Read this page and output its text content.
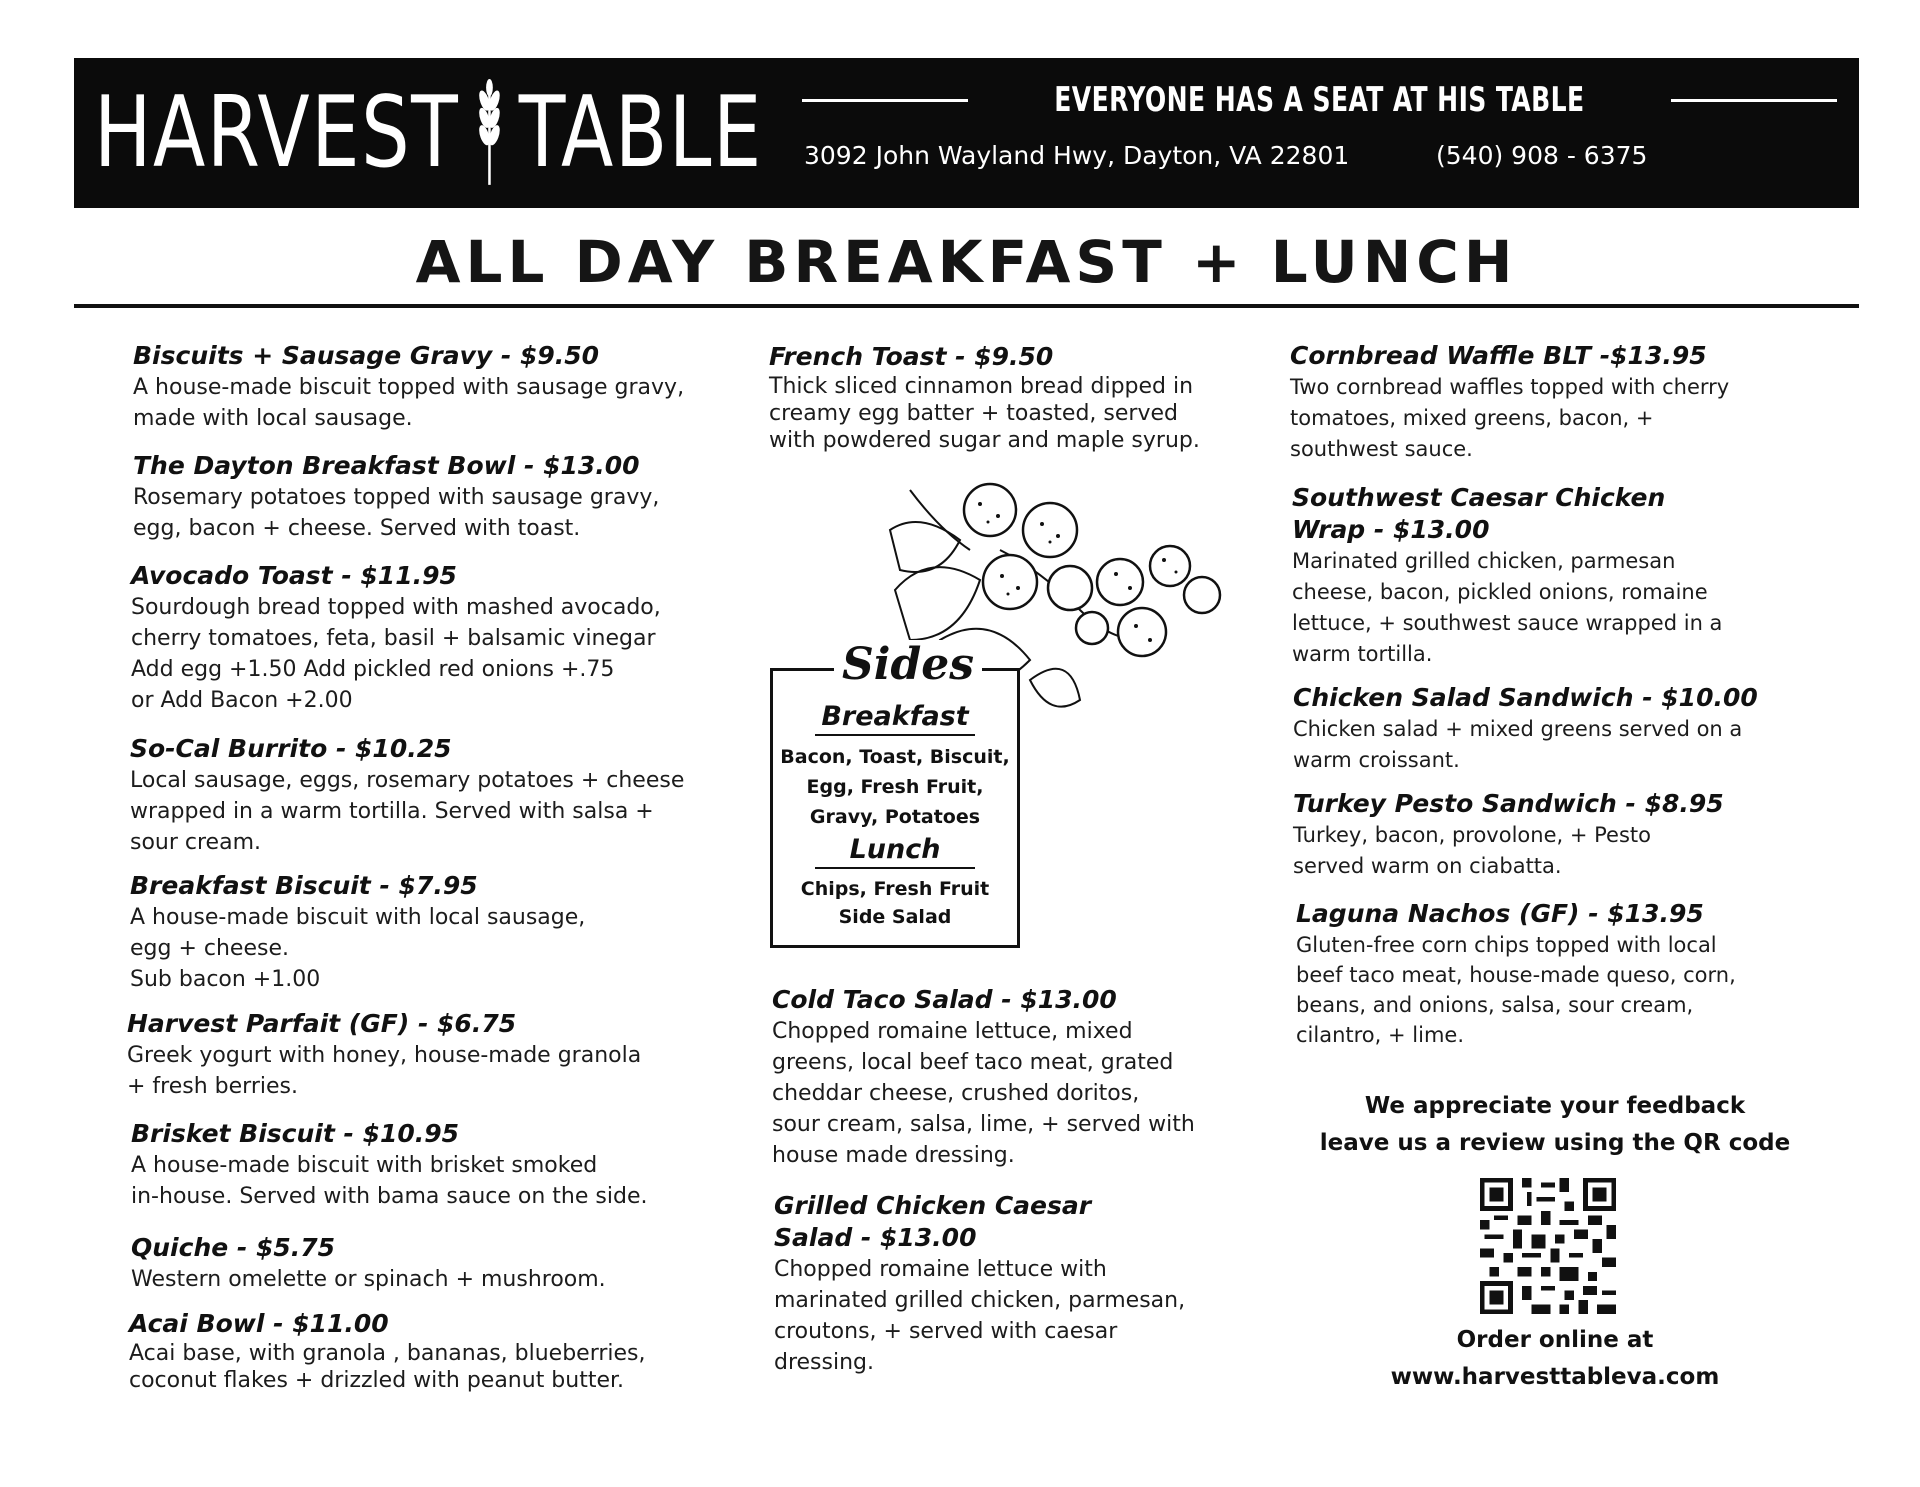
HARVEST TABLE	EVERYONE HAS A SEAT AT HIS TABLE
3092 John Wayland Hwy, Dayton, VA 22801	(540) 908 - 6375
ALL DAY BREAKFAST + LUNCH
Biscuits + Sausage Gravy - $9.50
A house-made biscuit topped with sausage gravy,
made with local sausage.
The Dayton Breakfast Bowl - $13.00
Rosemary potatoes topped with sausage gravy,
egg, bacon + cheese. Served with toast.
Avocado Toast - $11.95
Sourdough bread topped with mashed avocado,
cherry tomatoes, feta, basil + balsamic vinegar
Add egg +1.50 Add pickled red onions +.75
or Add Bacon +2.00
So-Cal Burrito - $10.25
Local sausage, eggs, rosemary potatoes + cheese
wrapped in a warm tortilla. Served with salsa +
sour cream.
Breakfast Biscuit - $7.95
A house-made biscuit with local sausage,
egg + cheese.
Sub bacon +1.00
Harvest Parfait (GF) - $6.75
Greek yogurt with honey, house-made granola
+ fresh berries.
Brisket Biscuit - $10.95
A house-made biscuit with brisket smoked
in-house. Served with bama sauce on the side.
Quiche - $5.75
Western omelette or spinach + mushroom.
Acai Bowl - $11.00
Acai base, with granola , bananas, blueberries,
coconut flakes + drizzled with peanut butter.
French Toast - $9.50
Thick sliced cinnamon bread dipped in
creamy egg batter + toasted, served
with powdered sugar and maple syrup.
Breakfast
Bacon, Toast, Biscuit,
Egg, Fresh Fruit,
Gravy, Potatoes
Lunch
Chips, Fresh Fruit
Side Salad
Sides
Cold Taco Salad - $13.00
Chopped romaine lettuce, mixed
greens, local beef taco meat, grated
cheddar cheese, crushed doritos,
sour cream, salsa, lime, + served with
house made dressing.
Grilled Chicken Caesar
Salad - $13.00
Chopped romaine lettuce with
marinated grilled chicken, parmesan,
croutons, + served with caesar
dressing.
Cornbread Waffle BLT -$13.95
Two cornbread waffles topped with cherry
tomatoes, mixed greens, bacon, +
southwest sauce.
Southwest Caesar Chicken
Wrap - $13.00
Marinated grilled chicken, parmesan
cheese, bacon, pickled onions, romaine
lettuce, + southwest sauce wrapped in a
warm tortilla.
Chicken Salad Sandwich - $10.00
Chicken salad + mixed greens served on a
warm croissant.
Turkey Pesto Sandwich - $8.95
Turkey, bacon, provolone, + Pesto
served warm on ciabatta.
Laguna Nachos (GF) - $13.95
Gluten-free corn chips topped with local
beef taco meat, house-made queso, corn,
beans, and onions, salsa, sour cream,
cilantro, + lime.
We appreciate your feedback
leave us a review using the QR code
Order online at
www.harvesttableva.com
